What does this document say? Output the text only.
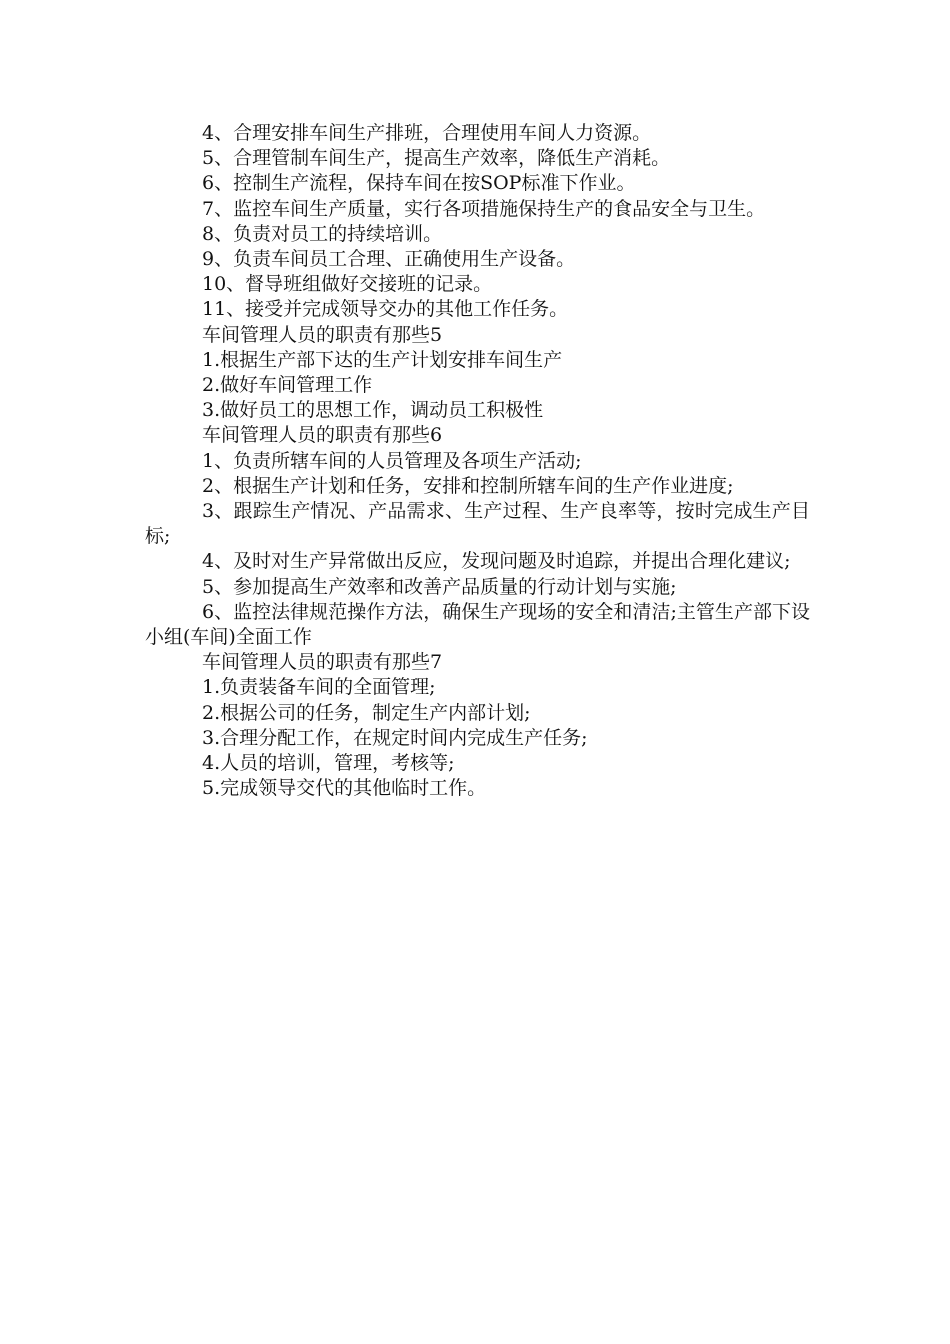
4、合理安排车间生产排班，合理使用车间人力资源。

5、合理管制车间生产，提高生产效率，降低生产消耗。

6、控制生产流程，保持车间在按SOP标准下作业。

7、监控车间生产质量，实行各项措施保持生产的食品安全与卫生。

8、负责对员工的持续培训。

9、负责车间员工合理、正确使用生产设备。

10、督导班组做好交接班的记录。

11、接受并完成领导交办的其他工作任务。

车间管理人员的职责有那些5

1.根据生产部下达的生产计划安排车间生产

2.做好车间管理工作

3.做好员工的思想工作，调动员工积极性

车间管理人员的职责有那些6

1、负责所辖车间的人员管理及各项生产活动;

2、根据生产计划和任务，安排和控制所辖车间的生产作业进度;

3、跟踪生产情况、产品需求、生产过程、生产良率等，按时完成生产目标;

4、及时对生产异常做出反应，发现问题及时追踪，并提出合理化建议;

5、参加提高生产效率和改善产品质量的行动计划与实施;

6、监控法律规范操作方法，确保生产现场的安全和清洁;主管生产部下设小组(车间)全面工作

车间管理人员的职责有那些7

1.负责装备车间的全面管理;

2.根据公司的任务，制定生产内部计划;

3.合理分配工作，在规定时间内完成生产任务;

4.人员的培训，管理，考核等;

5.完成领导交代的其他临时工作。
